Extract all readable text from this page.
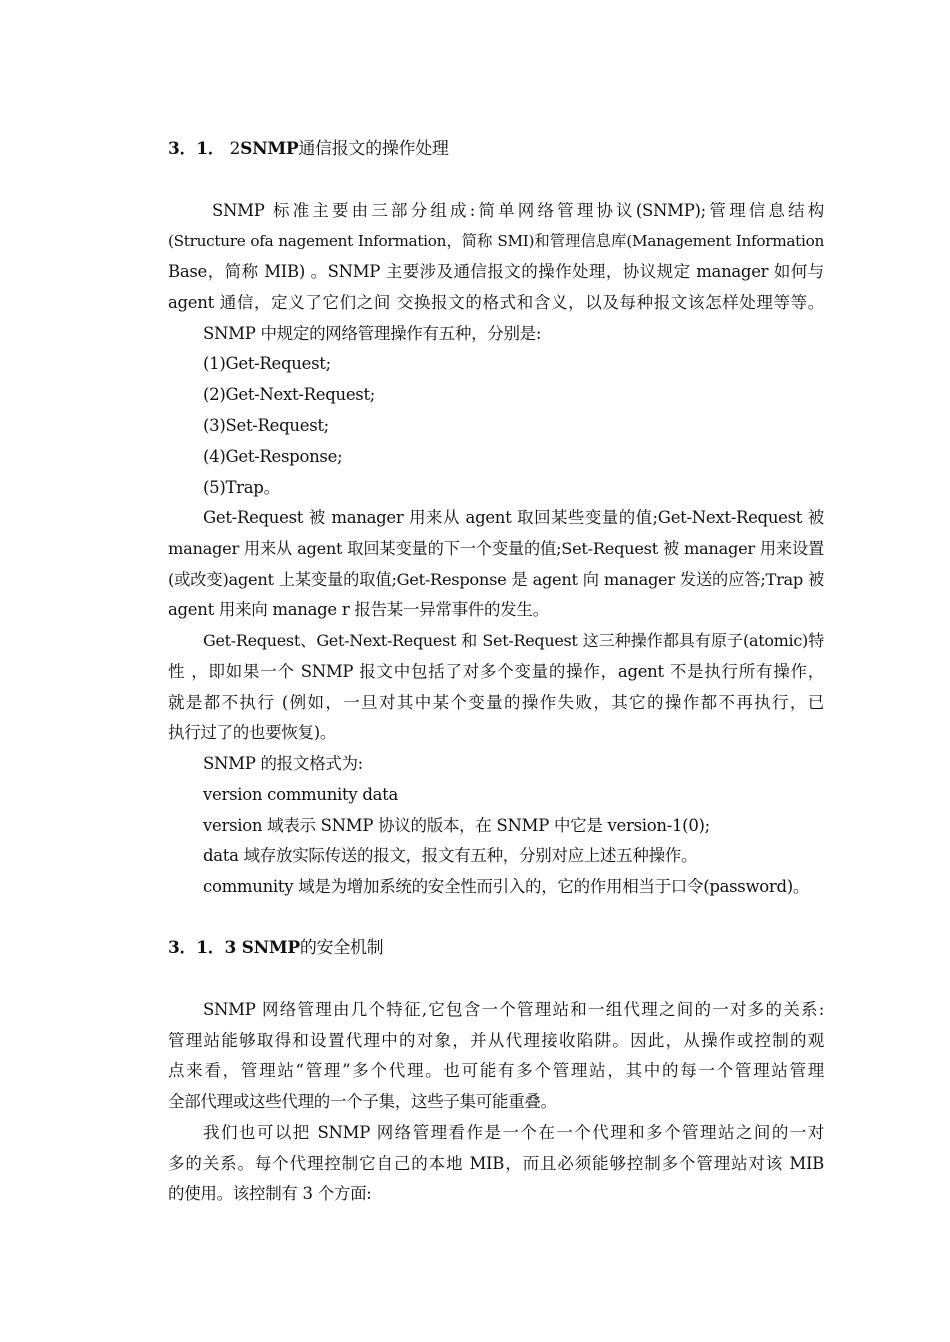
3．1． 2SNMP通信报文的操作处理
SNMP 标准主要由三部分组成:简单网络管理协议(SNMP);管理信息结构
(Structure ofa nagement Information，简称 SMI)和管理信息库(Management Information
Base，简称 MIB) 。SNMP 主要涉及通信报文的操作处理，协议规定 manager 如何与
agent 通信，定义了它们之间 交换报文的格式和含义，以及每种报文该怎样处理等等。
SNMP 中规定的网络管理操作有五种，分别是:
(1)Get-Request;
(2)Get-Next-Request;
(3)Set-Request;
(4)Get-Response;
(5)Trap。
Get-Request 被 manager 用来从 agent 取回某些变量的值;Get-Next-Request 被
manager 用来从 agent 取回某变量的下一个变量的值;Set-Request 被 manager 用来设置
(或改变)agent 上某变量的取值;Get-Response 是 agent 向 manager 发送的应答;Trap 被
agent 用来向 manage r 报告某一异常事件的发生。
Get-Request、Get-Next-Request 和 Set-Request 这三种操作都具有原子(atomic)特
性 ，即如果一个 SNMP 报文中包括了对多个变量的操作，agent 不是执行所有操作，
就是都不执行 (例如，一旦对其中某个变量的操作失败，其它的操作都不再执行，已
执行过了的也要恢复)。
SNMP 的报文格式为:
version community data
version 域表示 SNMP 协议的版本，在 SNMP 中它是 version-1(0);
data 域存放实际传送的报文，报文有五种，分别对应上述五种操作。
community 域是为增加系统的安全性而引入的，它的作用相当于口令(password)。
3．1．3 SNMP的安全机制
SNMP 网络管理由几个特征,它包含一个管理站和一组代理之间的一对多的关系:
管理站能够取得和设置代理中的对象，并从代理接收陷阱。因此，从操作或控制的观
点来看，管理站“管理”多个代理。也可能有多个管理站，其中的每一个管理站管理
全部代理或这些代理的一个子集，这些子集可能重叠。
我们也可以把 SNMP 网络管理看作是一个在一个代理和多个管理站之间的一对
多的关系。每个代理控制它自己的本地 MIB，而且必须能够控制多个管理站对该 MIB
的使用。该控制有 3 个方面:
